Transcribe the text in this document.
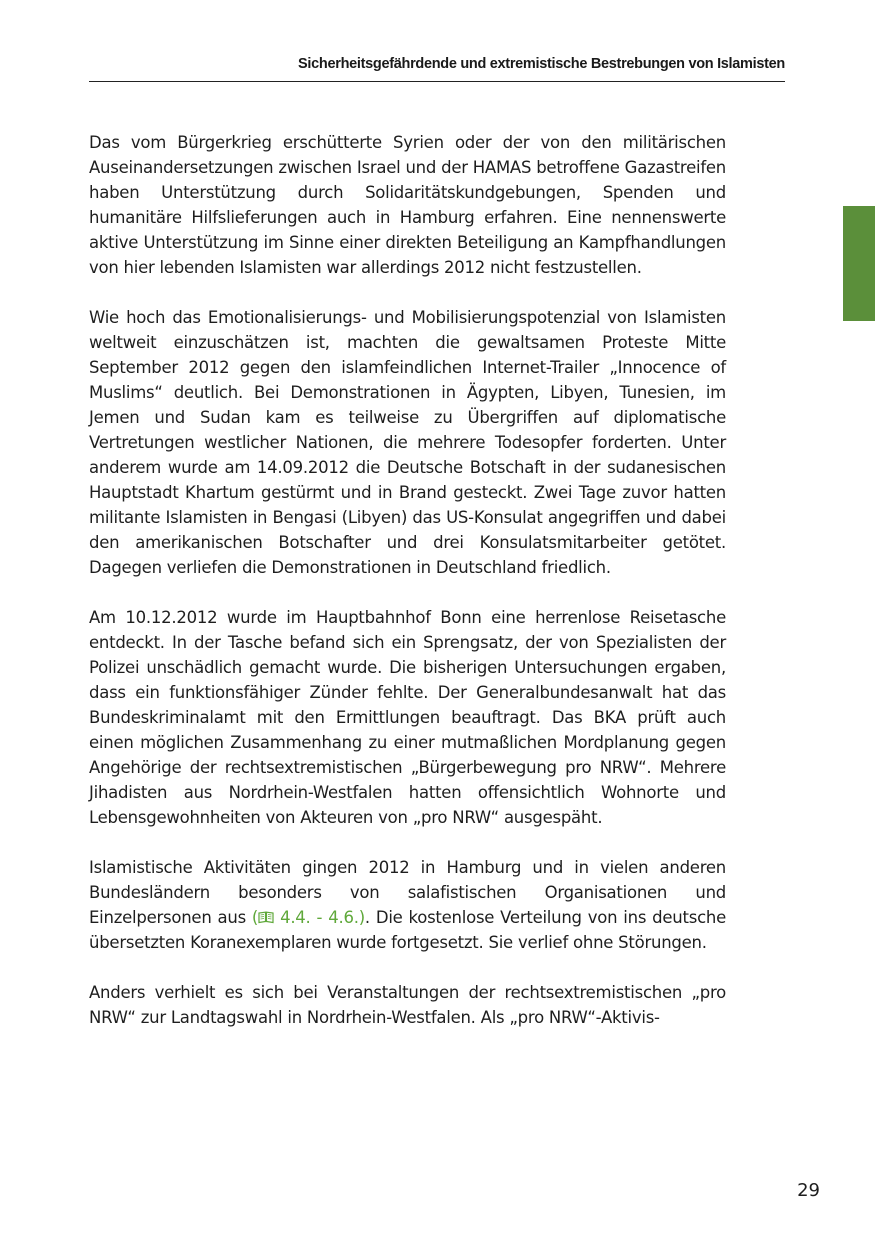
Sicherheitsgefährdende und extremistische Bestrebungen von Islamisten

Das vom Bürgerkrieg erschütterte Syrien oder der von den militärischen Auseinandersetzungen zwischen Israel und der HAMAS betroffene Gazastreifen haben Unterstützung durch Solidaritätskundgebungen, Spenden und humanitäre Hilfslieferungen auch in Hamburg erfahren. Eine nennenswerte aktive Unterstützung im Sinne einer direkten Beteiligung an Kampfhandlungen von hier lebenden Islamisten war allerdings 2012 nicht festzustellen.

Wie hoch das Emotionalisierungs- und Mobilisierungspotenzial von Islamisten weltweit einzuschätzen ist, machten die gewaltsamen Proteste Mitte September 2012 gegen den islamfeindlichen Internet-Trailer „Innocence of Muslims“ deutlich. Bei Demonstrationen in Ägypten, Libyen, Tunesien, im Jemen und Sudan kam es teilweise zu Übergriffen auf diplomatische Vertretungen westlicher Nationen, die mehrere Todesopfer forderten. Unter anderem wurde am 14.09.2012 die Deutsche Botschaft in der sudanesischen Hauptstadt Khartum gestürmt und in Brand gesteckt. Zwei Tage zuvor hatten militante Islamisten in Bengasi (Libyen) das US-Konsulat angegriffen und dabei den amerikanischen Botschafter und drei Konsulatsmitarbeiter getötet. Dagegen verliefen die Demonstrationen in Deutschland friedlich.

Am 10.12.2012 wurde im Hauptbahnhof Bonn eine herrenlose Reisetasche entdeckt. In der Tasche befand sich ein Sprengsatz, der von Spezialisten der Polizei unschädlich gemacht wurde. Die bisherigen Untersuchungen ergaben, dass ein funktionsfähiger Zünder fehlte. Der Generalbundesanwalt hat das Bundeskriminalamt mit den Ermittlungen beauftragt. Das BKA prüft auch einen möglichen Zusammenhang zu einer mutmaßlichen Mordplanung gegen Angehörige der rechtsextremistischen „Bürgerbewegung pro NRW“. Mehrere Jihadisten aus Nordrhein-Westfalen hatten offensichtlich Wohnorte und Lebensgewohnheiten von Akteuren von „pro NRW“ ausgespäht.

Islamistische Aktivitäten gingen 2012 in Hamburg und in vielen anderen Bundesländern besonders von salafistischen Organisationen und Einzelpersonen aus ( 4.4. - 4.6.). Die kostenlose Verteilung von ins deutsche übersetzten Koranexemplaren wurde fortgesetzt. Sie verlief ohne Störungen.

Anders verhielt es sich bei Veranstaltungen der rechtsextremistischen „pro NRW“ zur Landtagswahl in Nordrhein-Westfalen. Als „pro NRW“-Aktivis-

29
